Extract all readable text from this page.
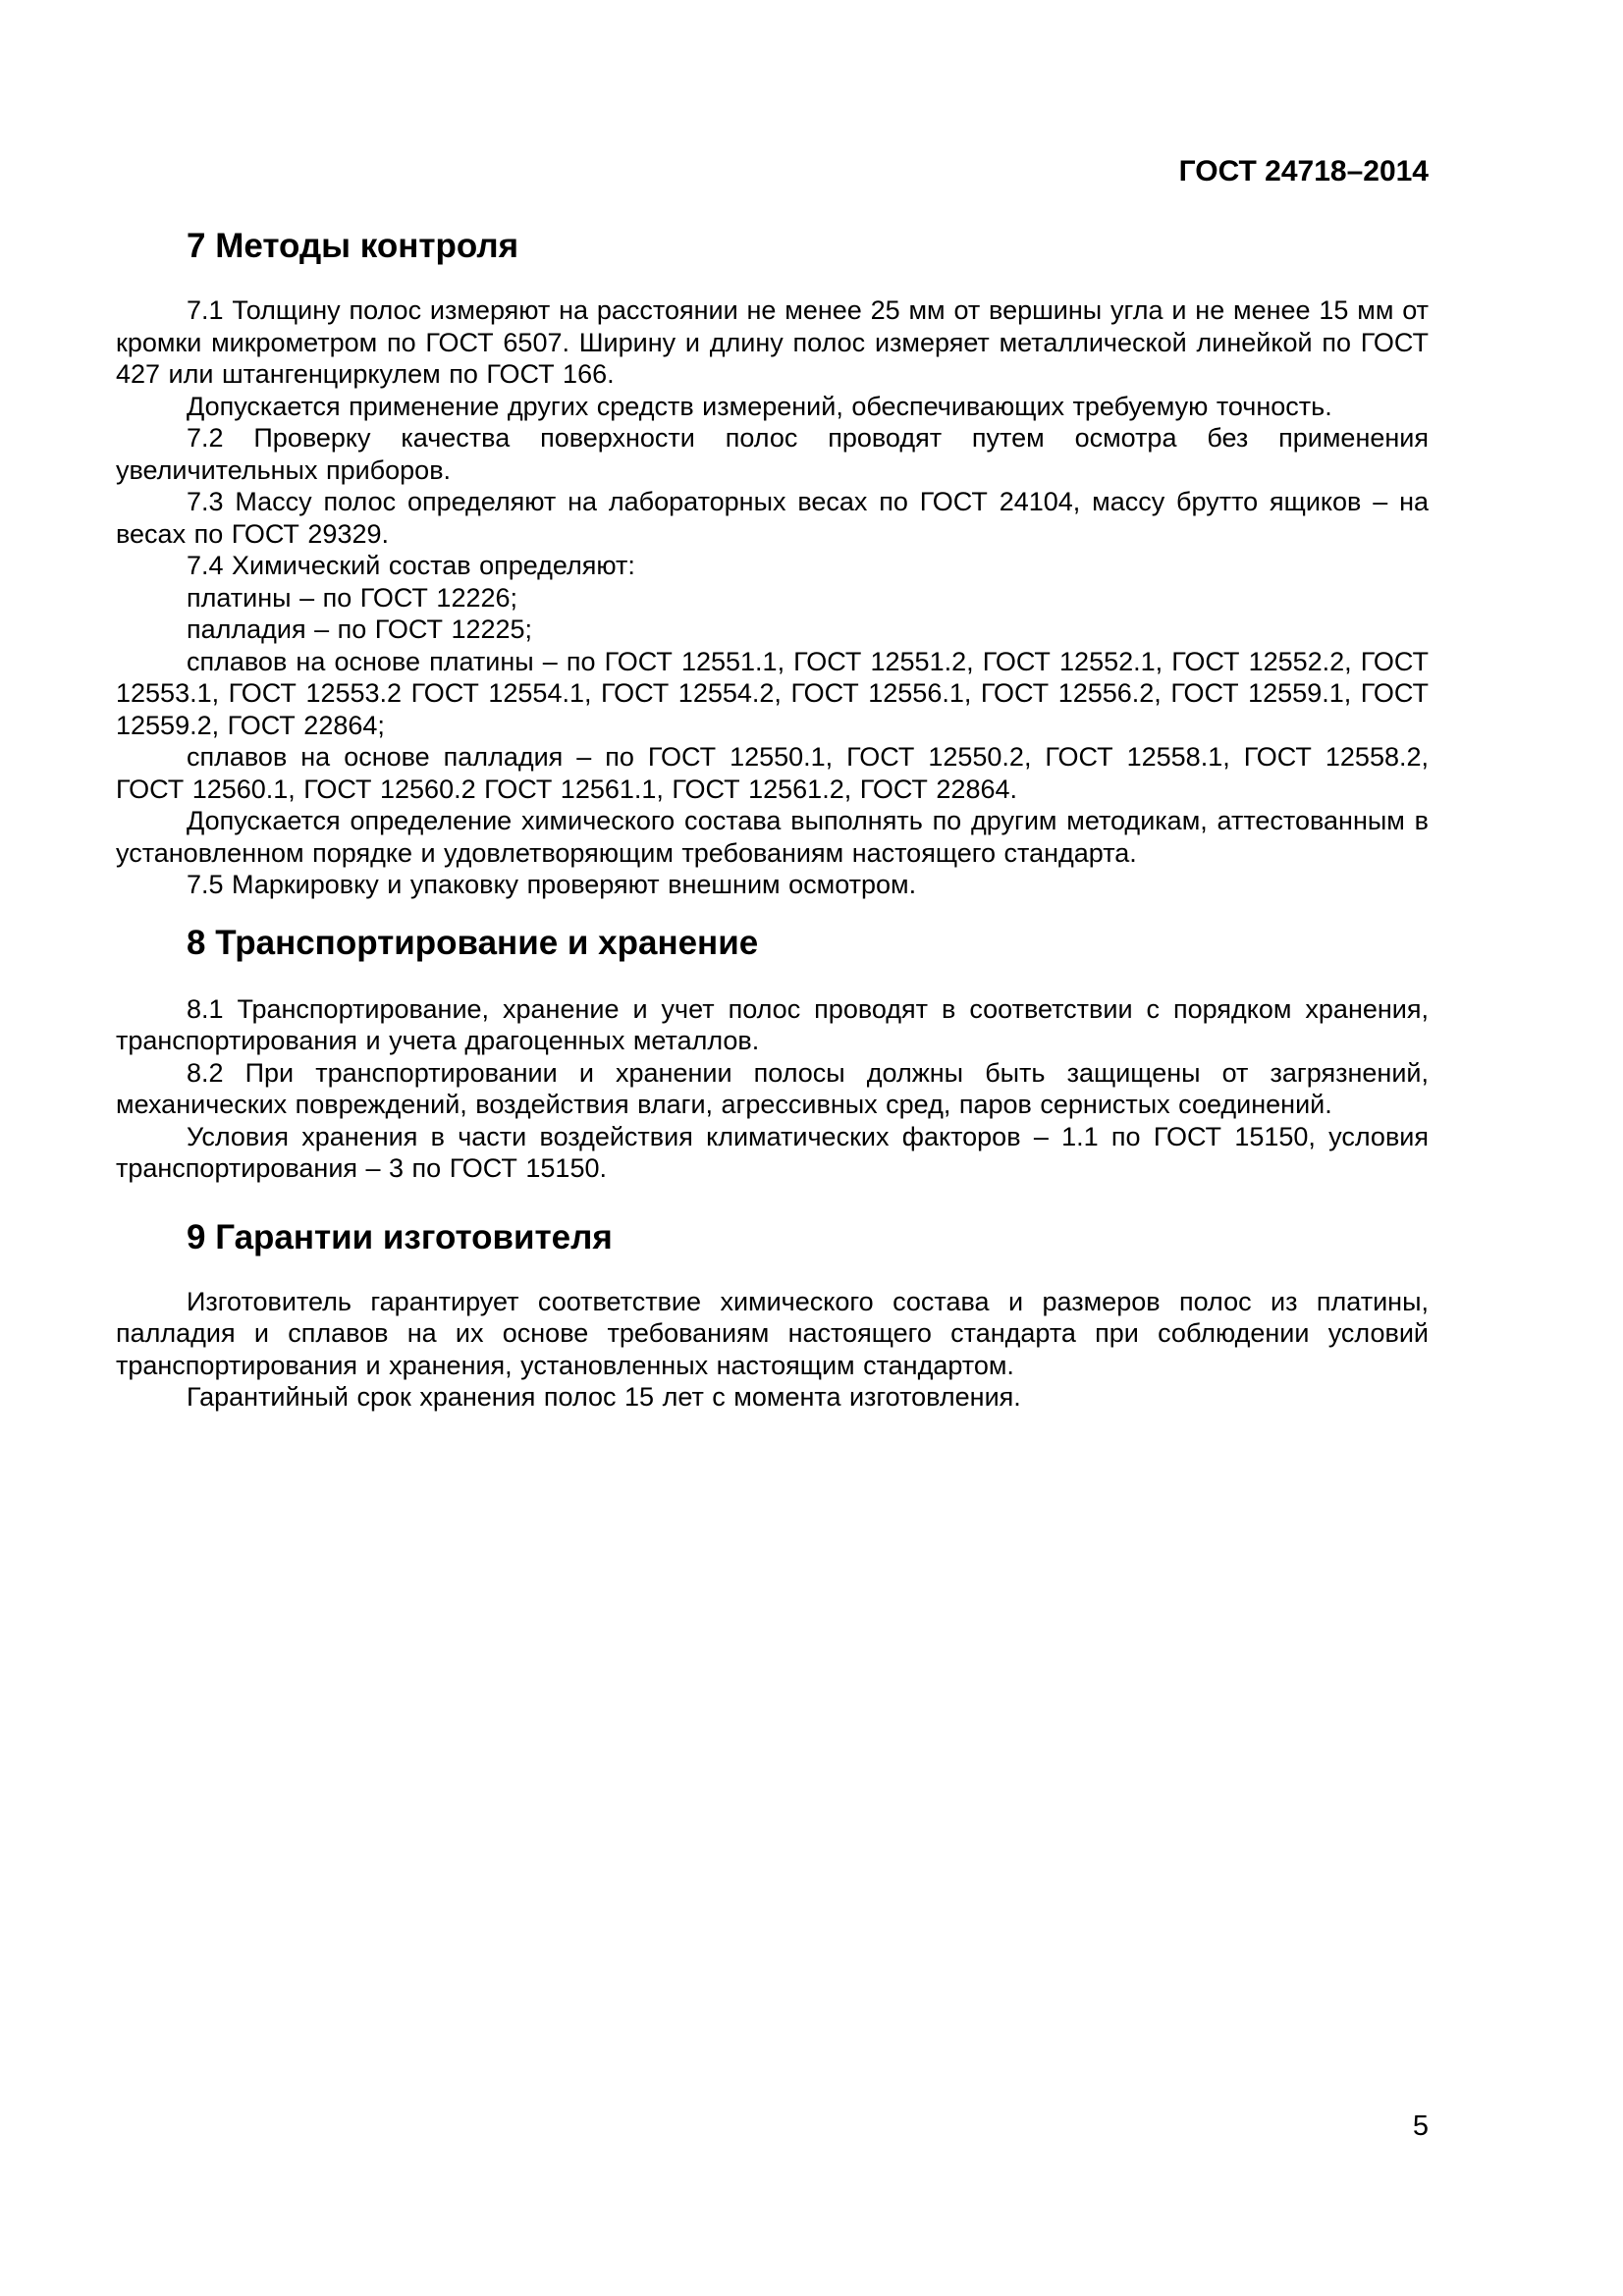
ГОСТ 24718–2014
7 Методы контроля

7.1 Толщину полос измеряют на расстоянии не менее 25 мм от вершины угла и не менее 15 мм от кромки микрометром по ГОСТ 6507. Ширину и длину полос измеряет металлической линейкой по ГОСТ 427 или штангенциркулем по ГОСТ 166.

Допускается применение других средств измерений, обеспечивающих требуемую точность.

7.2 Проверку качества поверхности полос проводят путем осмотра без применения увеличительных приборов.

7.3 Массу полос определяют на лабораторных весах по ГОСТ 24104, массу брутто ящиков – на весах по ГОСТ 29329.

7.4 Химический состав определяют:

платины – по ГОСТ 12226;

палладия – по ГОСТ 12225;

сплавов на основе платины – по ГОСТ 12551.1, ГОСТ 12551.2, ГОСТ 12552.1, ГОСТ 12552.2, ГОСТ 12553.1, ГОСТ 12553.2 ГОСТ 12554.1, ГОСТ 12554.2, ГОСТ 12556.1, ГОСТ 12556.2, ГОСТ 12559.1, ГОСТ 12559.2, ГОСТ 22864;

сплавов на основе палладия – по ГОСТ 12550.1, ГОСТ 12550.2, ГОСТ 12558.1, ГОСТ 12558.2, ГОСТ 12560.1, ГОСТ 12560.2 ГОСТ 12561.1, ГОСТ 12561.2, ГОСТ 22864.

Допускается определение химического состава выполнять по другим методикам, аттестованным в установленном порядке и удовлетворяющим требованиям настоящего стандарта.

7.5 Маркировку и упаковку проверяют внешним осмотром.

8 Транспортирование и хранение

8.1 Транспортирование, хранение и учет полос проводят в соответствии с порядком хранения, транспортирования и учета драгоценных металлов.

8.2 При транспортировании и хранении полосы должны быть защищены от загрязнений, механических повреждений, воздействия влаги, агрессивных сред, паров сернистых соединений.

Условия хранения в части воздействия климатических факторов – 1.1 по ГОСТ 15150, условия транспортирования – 3 по ГОСТ 15150.

9 Гарантии изготовителя

Изготовитель гарантирует соответствие химического состава и размеров полос из платины, палладия и сплавов на их основе требованиям настоящего стандарта при соблюдении условий транспортирования и хранения, установленных настоящим стандартом.

Гарантийный срок хранения полос 15 лет с момента изготовления.

5
